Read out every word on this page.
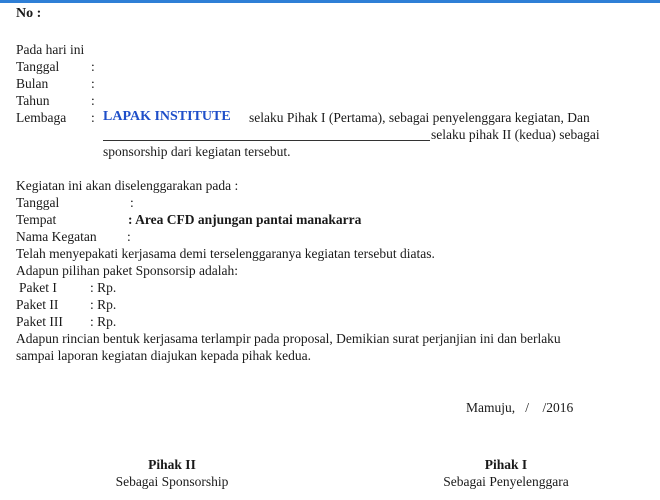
No :
Pada hari ini
Tanggal :
Bulan	:
Tahun	:
Lembaga : LAPAK INSTITUTE selaku Pihak I (Pertama), sebagai penyelenggara kegiatan, Dan
selaku pihak II (kedua) sebagai
sponsorship dari kegiatan tersebut.
Kegiatan ini akan diselenggarakan pada :
Tanggal	:
Tempat	: Area CFD anjungan pantai manakarra
Nama Kegatan :
Telah menyepakati kerjasama demi terselenggaranya kegiatan tersebut diatas.
Adapun pilihan paket Sponsorsip adalah:
Paket I : Rp.
Paket II : Rp.
Paket III : Rp.
Adapun rincian bentuk kerjasama terlampir pada proposal, Demikian surat perjanjian ini dan berlaku
sampai laporan kegiatan diajukan kepada pihak kedua.
Mamuju,   /    /2016
Pihak II
Sebagai Sponsorship
Pihak I
Sebagai Penyelenggara
